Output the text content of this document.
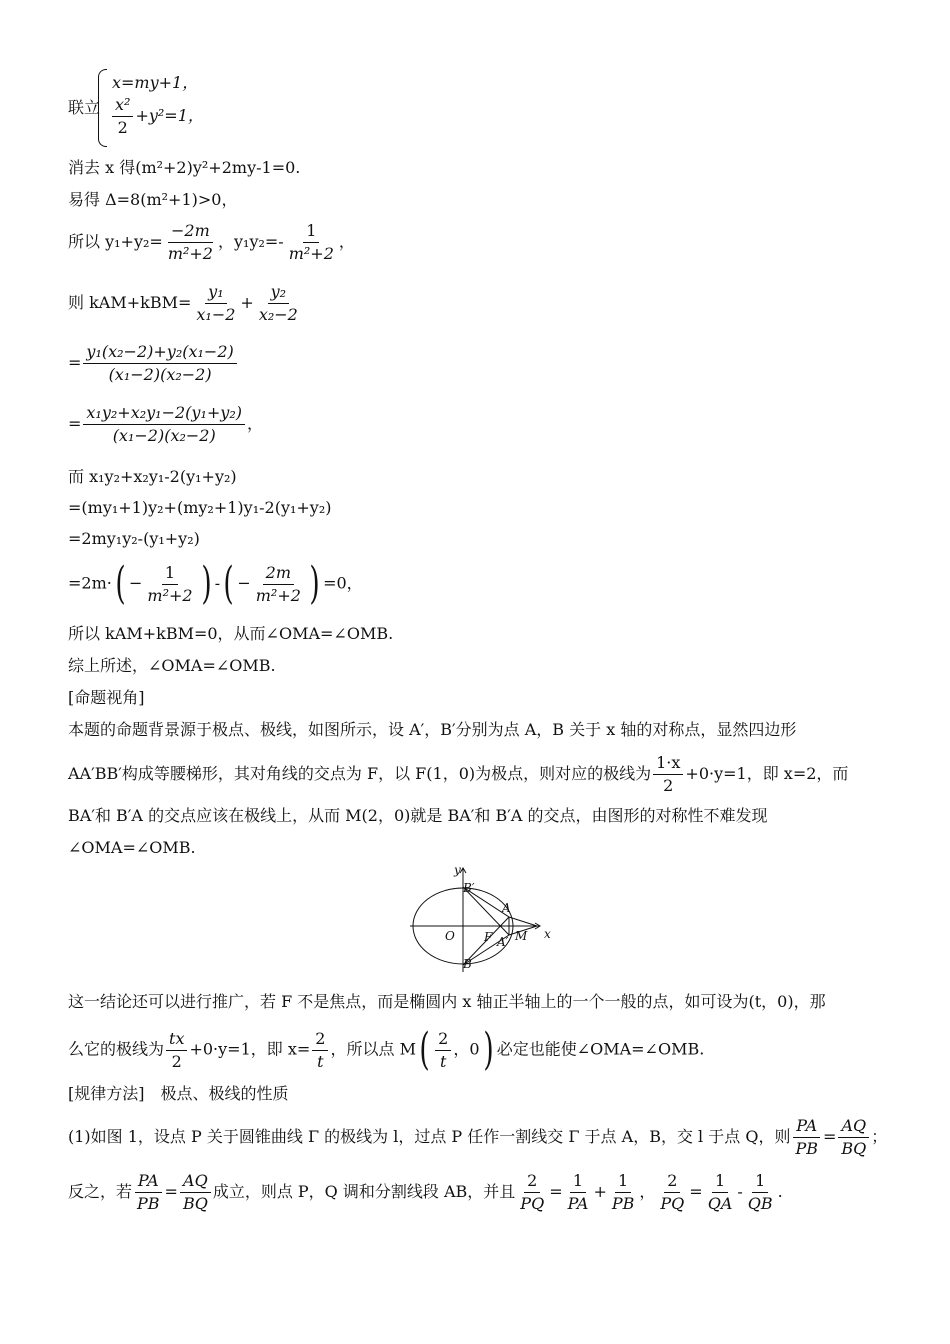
联立
x=my+1，
$\frac{\text{x²}}{2} +y^2=1$，
消去 x 得(m²+2)y²+2my-1=0.
易得 Δ=8(m²+1)>0，
所以 $y_1+y_2= \frac{-2m}{\text{m²+2}}$ ，$y_1y_2=- \frac{1}{\text{m²+2}}$ ，
则 $kAM+kBM= \frac{\text{y₁}}{\text{x₁−2}} + \frac{\text{y₂}}{\text{x₂−2}}$
= $\frac{\text{y₁(x₂−2)+y₂(x₁−2)}}{\text{(x₁−2)(x₂−2)}}$
= $\frac{\text{x₁y₂+x₂y₁−2(y₁+y₂)}}{\text{(x₁−2)(x₂−2)}}$ ，
而 x₁y₂+x₂y₁-2(y₁+y₂)
=(my₁+1)y₂+(my₂+1)y₁-2(y₁+y₂)
=2my₁y₂-(y₁+y₂)
$=2m\cdot( - \frac{1}{\text{m²+2}}$ ) -( − $\frac{2m}{\text{m²+2}}$ ) =0，
所以 kAM+kBM=0，从而∠OMA=∠OMB.
综上所述，∠OMA=∠OMB.
[命题视角]
本题的命题背景源于极点、极线，如图所示，设 A′，B′分别为点 A，B 关于 x 轴的对称点，显然四边形
AA′BB′构成等腰梯形，其对角线的交点为 F，以 F(1，0)为极点，则对应的极线为 $\frac{1\cdot x}{2} +0\cdot y=1$，即 x=2，而
BA′和 B′A 的交点应该在极线上，从而 M(2，0)就是 BA′和 B′A 的交点，由图形的对称性不难发现
∠OMA=∠OMB.
y
x
O F M
A
A′
B
B′
这一结论还可以进行推广，若 F 不是焦点，而是椭圆内 x 轴正半轴上的一个一般的点，如可设为(t，0)，那
么它的极线为 $\frac{tx}{2} +0\cdot y=1$，即 $x= \frac{2}{t}$ ，所以点 $M( \frac{2}{t}$ ，0) 必定也能使∠OMA=∠OMB.
[规律方法]　极点、极线的性质
(1)如图 1，设点 P 关于圆锥曲线 Γ 的极线为 l，过点 P 任作一割线交 Γ 于点 A，B，交 l 于点 Q，则 $\frac{PA}{PB} = \frac{AQ}{BQ}$ ；
反之，若 $\frac{PA}{PB} = \frac{AQ}{BQ}$ 成立，则点 P，Q 调和分割线段 AB，并且 $\frac{2}{PQ} = \frac{1}{PA} + \frac{1}{PB}$ ， $\frac{2}{PQ} = \frac{1}{QA} - \frac{1}{QB}$ .
